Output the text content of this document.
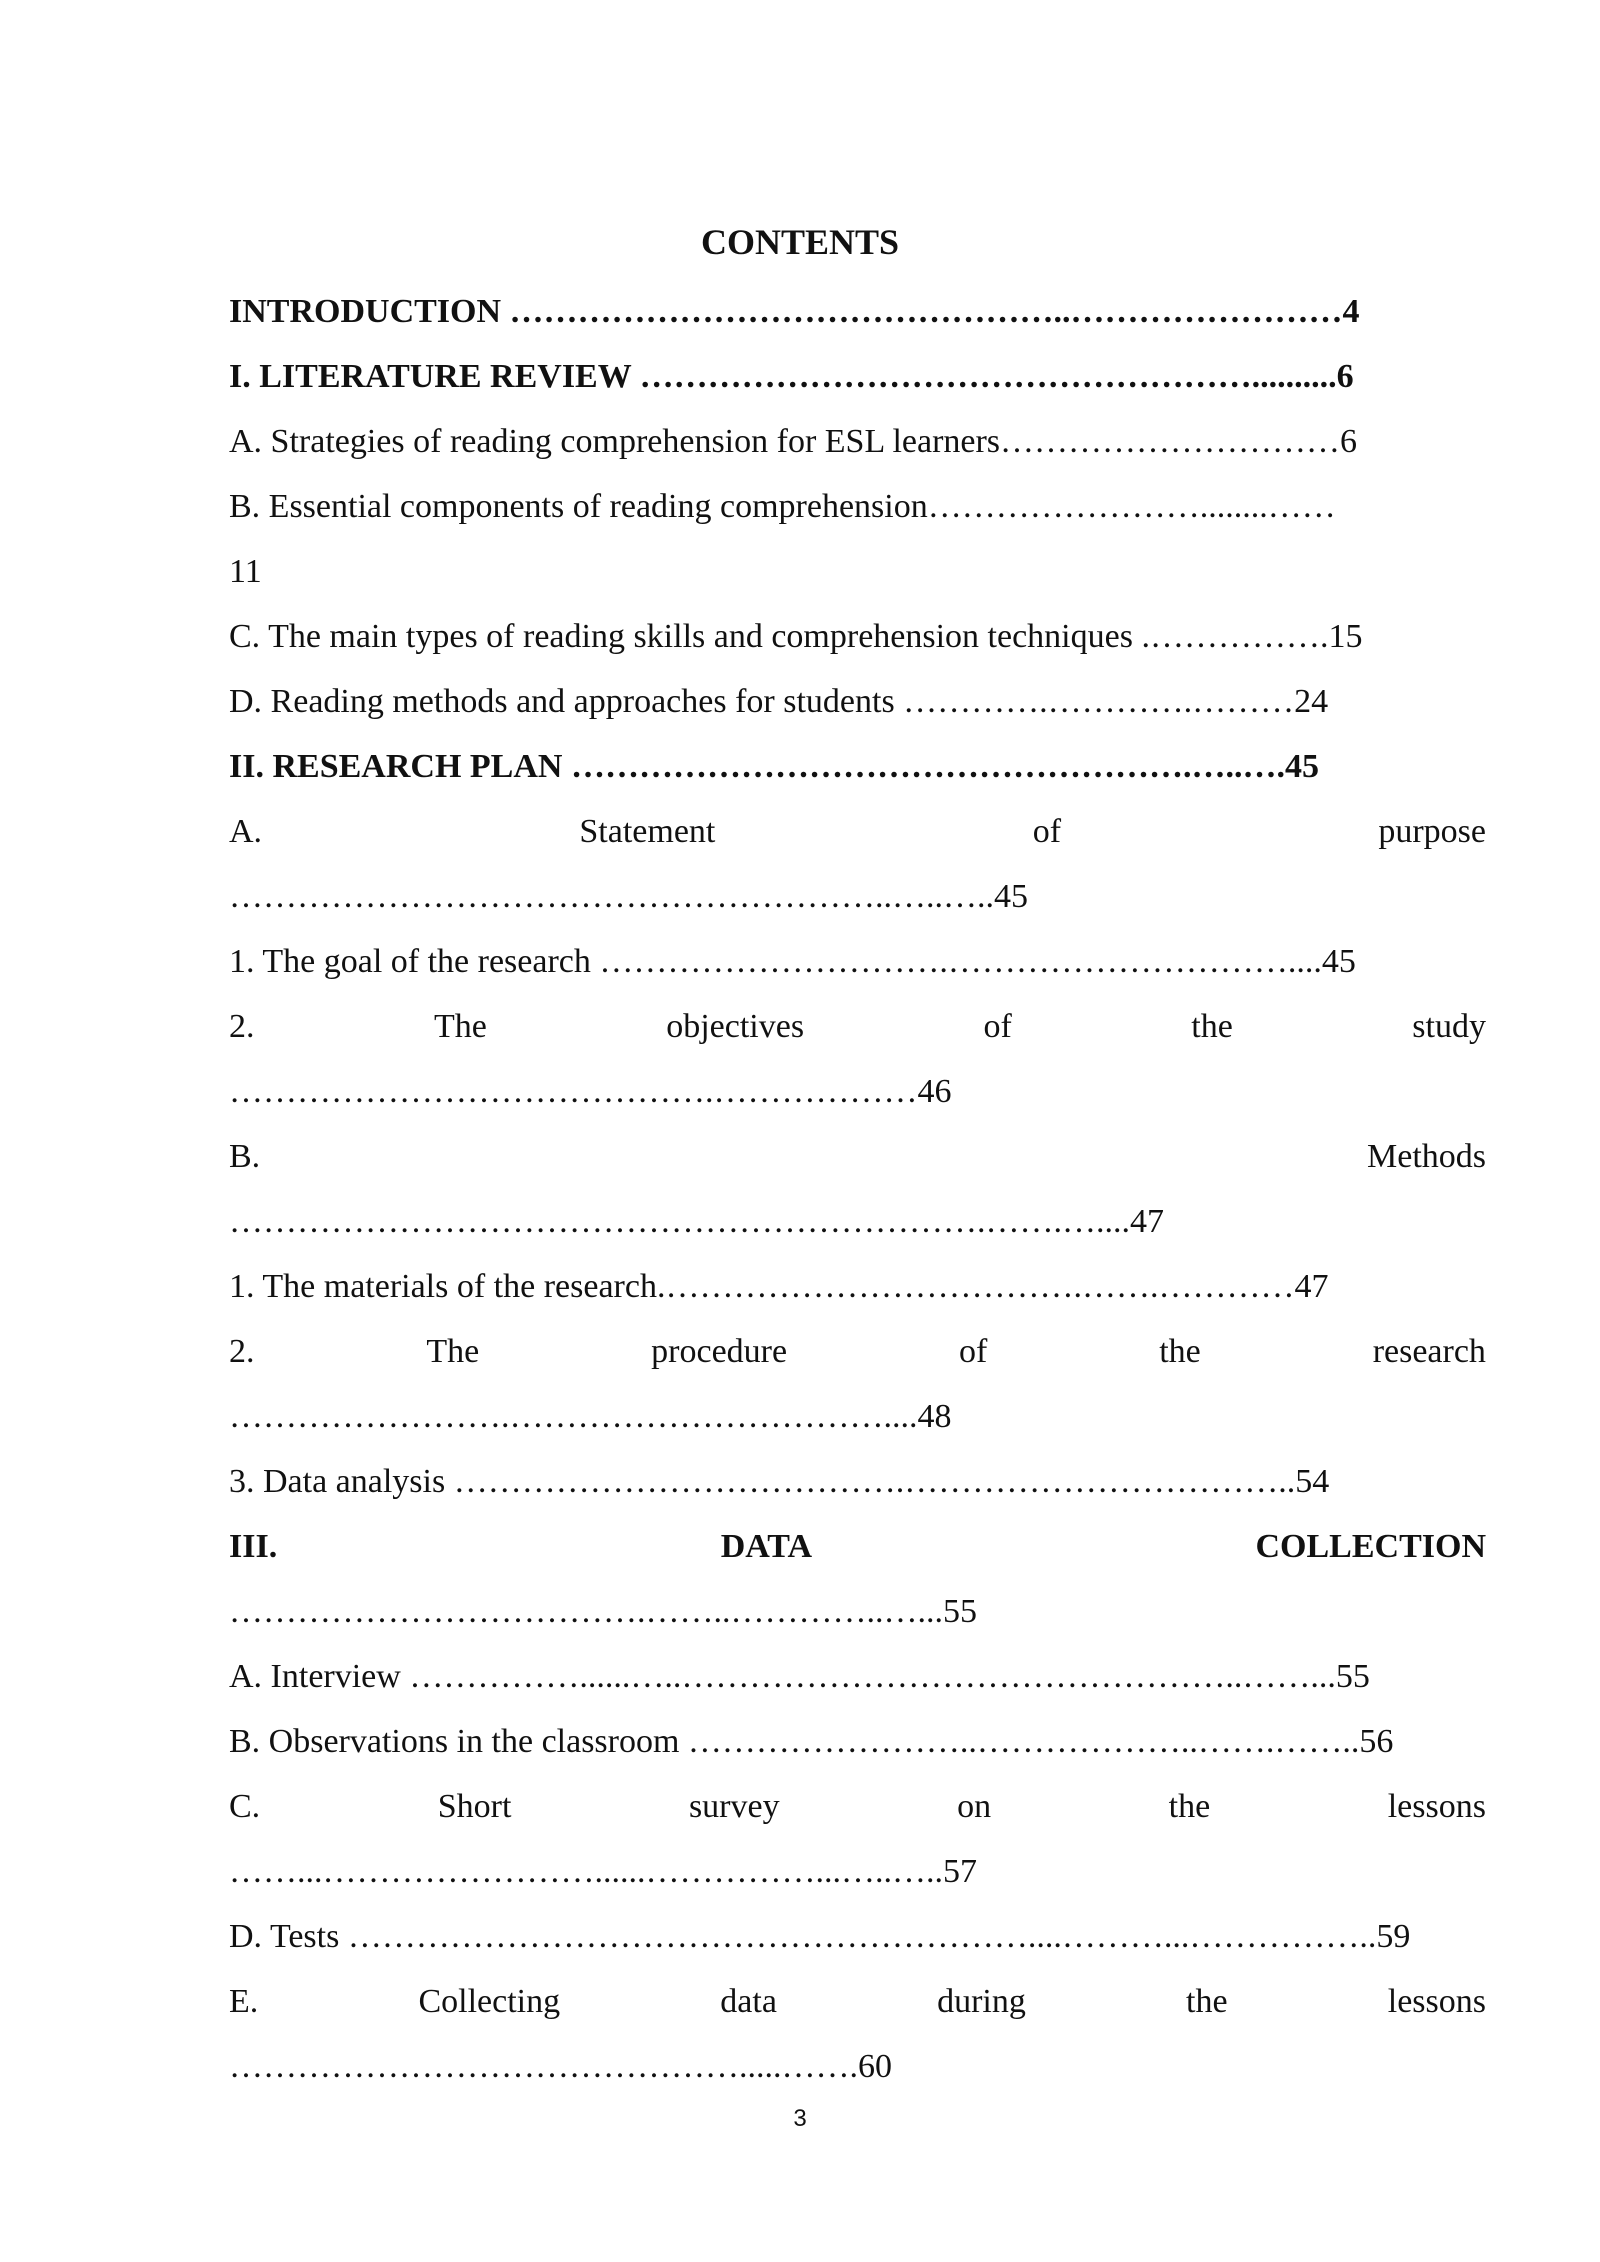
CONTENTS
INTRODUCTION …………………………………………..……………………4
I. LITERATURE REVIEW ………………………………………………..........6
A. Strategies of reading comprehension for ESL learners…………………………6
B. Essential components of reading comprehension……………………........……
11
C. The main types of reading skills and comprehension techniques .…………….15
D. Reading methods and approaches for students ………….………….………24
II. RESEARCH PLAN ……………………………………………….…..….45
A.	Statement	of	purpose
…………………………………………………..…..…..45
1. The goal of the research ………………………….…………………………....45
2.	The	objectives	of	the	study
…………………………………….………………46
B.	Methods
………………………………………………………….…….…....47
1. The materials of the research.……………………………….…….…………47
2.	The	procedure	of	the	research
…………………….……………………………....48
3. Data analysis ………………………………….……………………………..54
III.	DATA	COLLECTION
……………………………….……..…………..…...55
A. Interview ……………......…..…………………………………………..……...55
B. Observations in the classroom ……………………..………………..…….……..56
C.	Short	survey	on	the	lessons
……...……………………......……………...…..…..57
D. Tests ……………………………………………………....………...……………..59
E.	Collecting	data	during	the	lessons
……………………………………….....…….60
3
